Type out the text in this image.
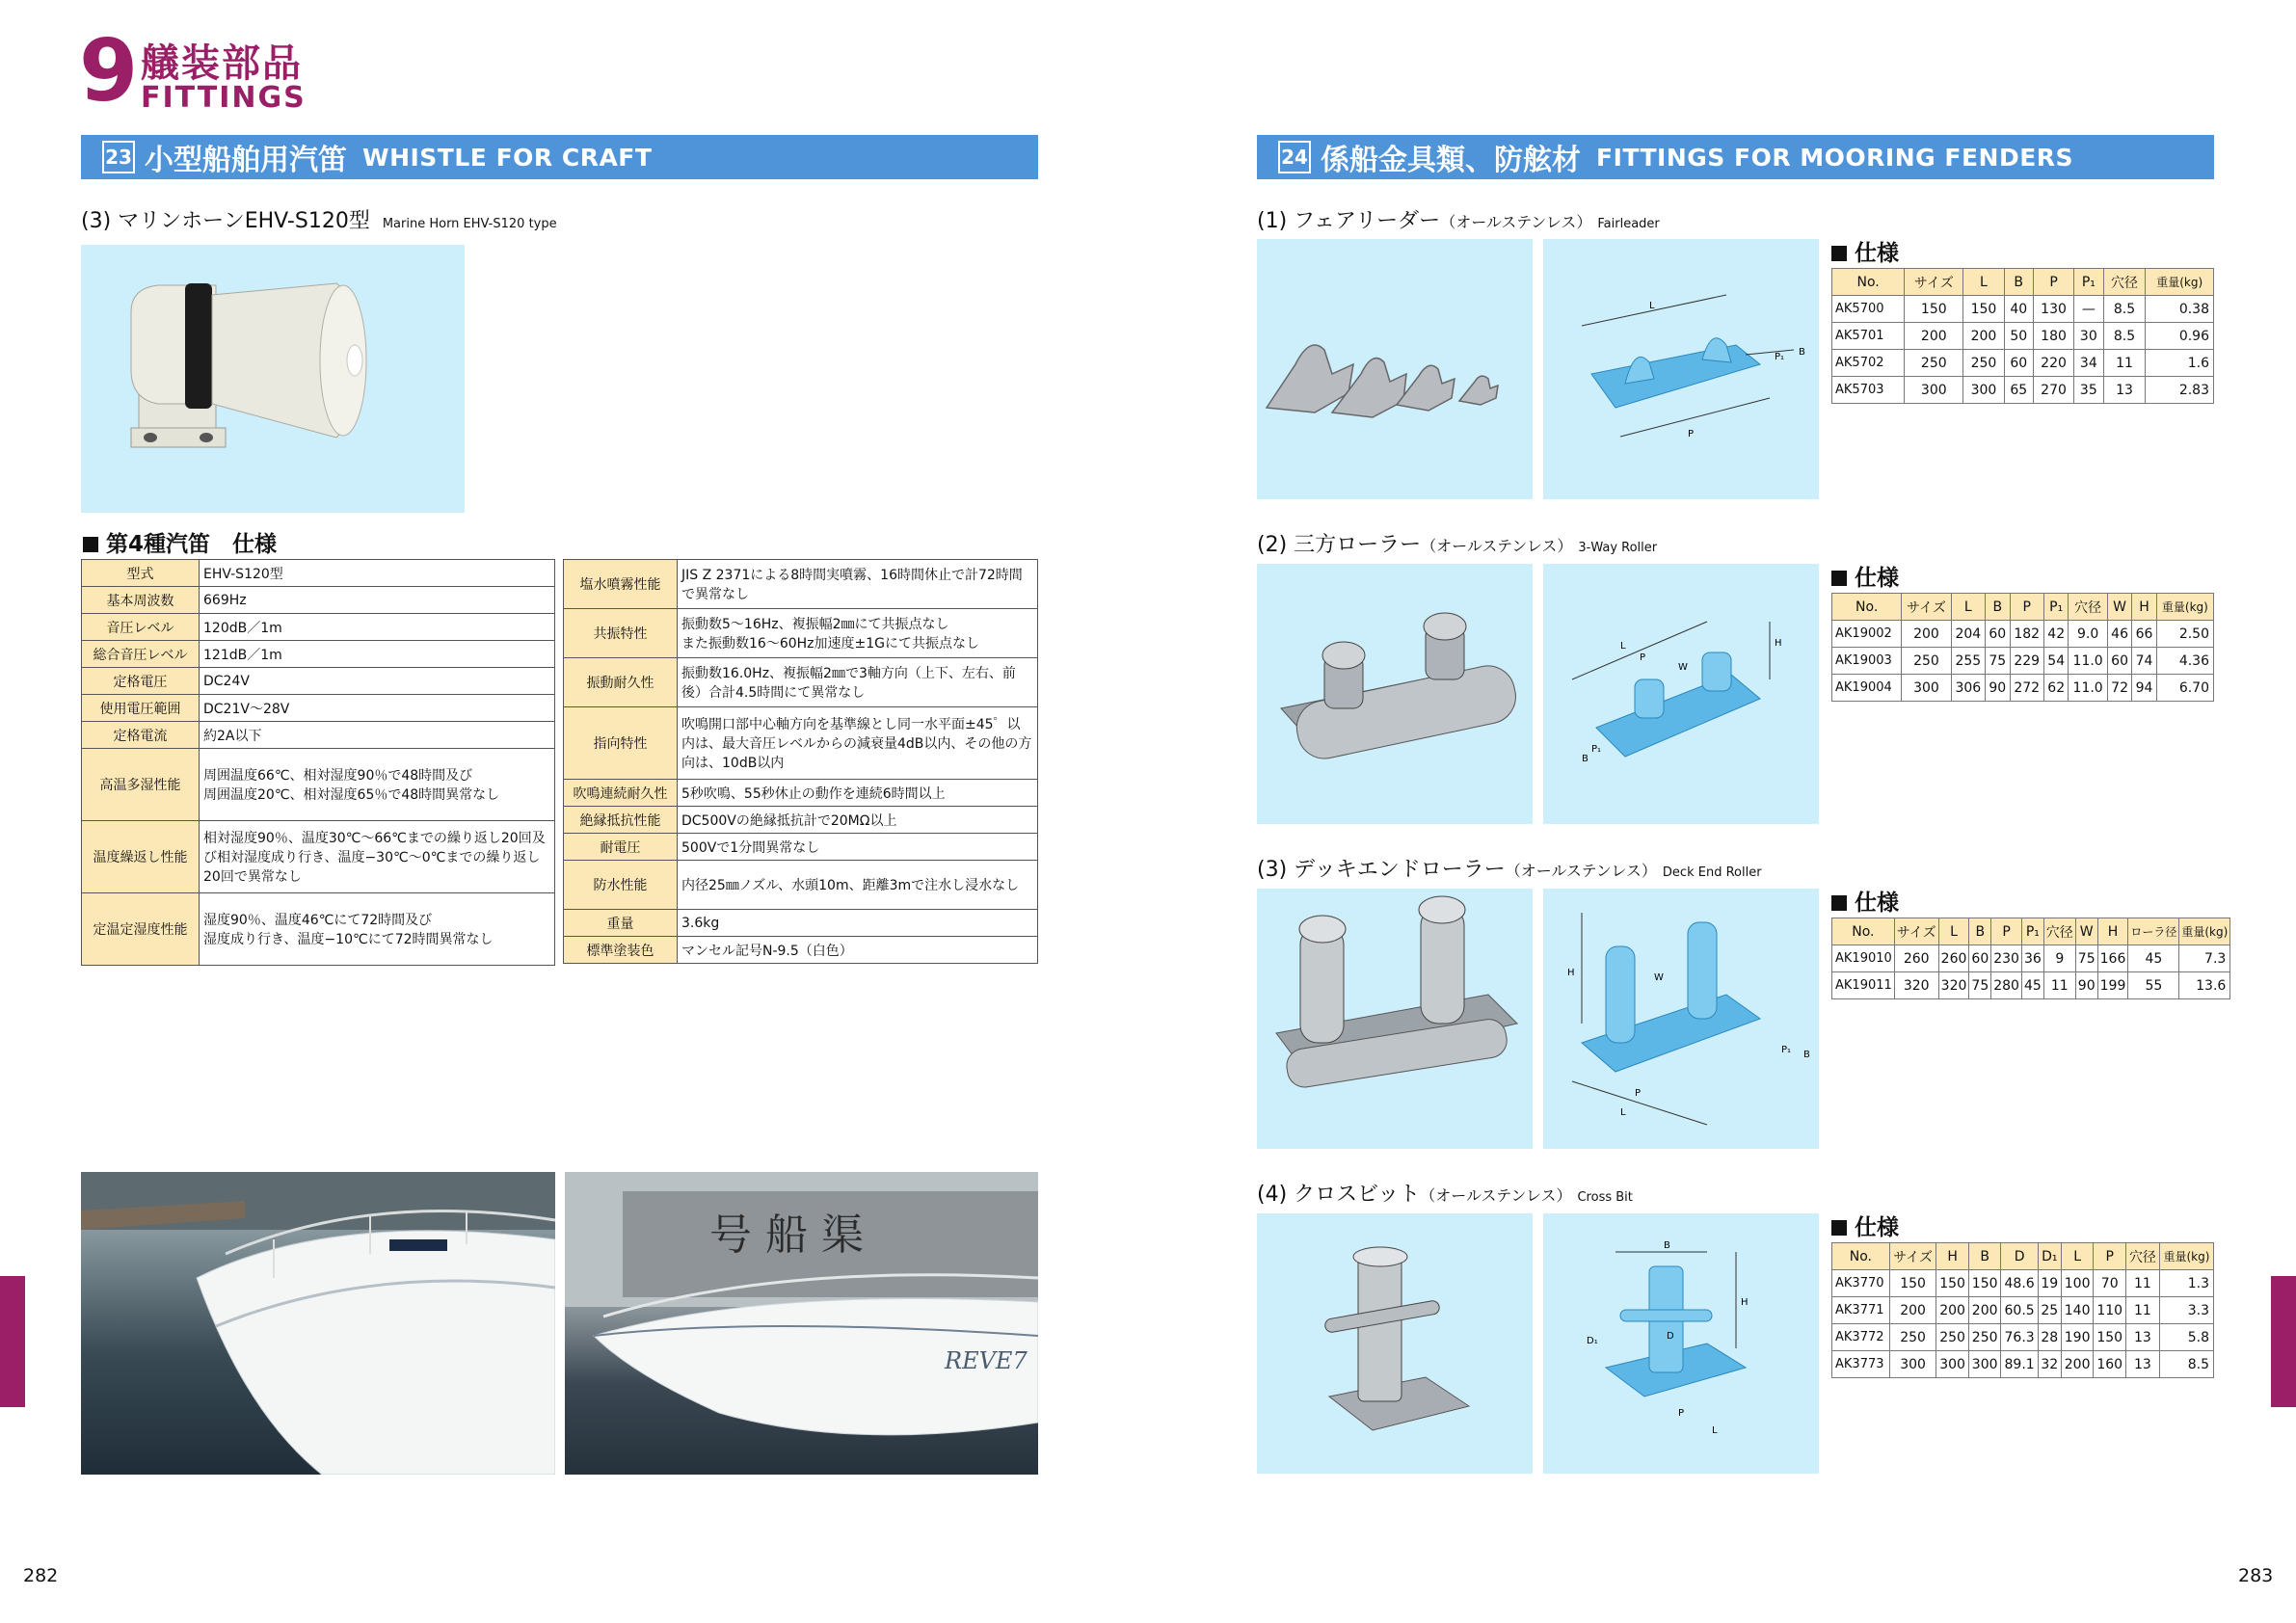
9 艤装部品
FITTINGS
23 小型船舶用汽笛 WHISTLE FOR CRAFT
(3) マリンホーンEHV-S120型 Marine Horn EHV-S120 type
第4種汽笛　仕様
型式	EHV-S120型
基本周波数	669Hz
音圧レベル	120dB／1m
総合音圧レベル	121dB／1m
定格電圧	DC24V
使用電圧範囲	DC21V〜28V
定格電流	約2A以下
高温多湿性能	周囲温度66℃、相対湿度90％で48時間及び
周囲温度20℃、相対湿度65％で48時間異常なし
温度繰返し性能	相対湿度90％、温度30℃〜66℃までの繰り返し20回及び相対湿度成り行き、温度−30℃〜0℃までの繰り返し20回で異常なし
定温定湿度性能	湿度90％、温度46℃にて72時間及び
湿度成り行き、温度−10℃にて72時間異常なし
塩水噴霧性能	JIS Z 2371による8時間実噴霧、16時間休止で計72時間で異常なし
共振特性	振動数5〜16Hz、複振幅2㎜にて共振点なし
また振動数16〜60Hz加速度±1Gにて共振点なし
振動耐久性	振動数16.0Hz、複振幅2㎜で3軸方向（上下、左右、前後）合計4.5時間にて異常なし
指向特性	吹鳴開口部中心軸方向を基準線とし同一水平面±45゜以内は、最大音圧レベルからの減衰量4dB以内、その他の方向は、10dB以内
吹鳴連続耐久性	5秒吹鳴、55秒休止の動作を連続6時間以上
絶縁抵抗性能	DC500Vの絶縁抵抗計で20MΩ以上
耐電圧	500Vで1分間異常なし
防水性能	内径25㎜ノズル、水頭10m、距離3mで注水し浸水なし
重量	3.6kg
標準塗装色	マンセル記号N-9.5（白色）
号 船 渠
REVE7
282
24 係船金具類、防舷材 FITTINGS FOR MOORING FENDERS
(1) フェアリーダー（オールステンレス） Fairleader
L
P
P₁ B
仕様
No.	サイズ	L	B	P	P₁	穴径	重量(kg)
AK5700	150	150	40	130	—	8.5	0.38
AK5701	200	200	50	180	30	8.5	0.96
AK5702	250	250	60	220	34	11	1.6
AK5703	300	300	65	270	35	13	2.83
(2) 三方ローラー（オールステンレス） 3-Way Roller
L
P
W
H
P₁
B
仕様
No.	サイズ	L	B	P	P₁	穴径	W	H	重量(kg)
AK19002	200	204	60	182	42	9.0	46	66	2.50
AK19003	250	255	75	229	54	11.0	60	74	4.36
AK19004	300	306	90	272	62	11.0	72	94	6.70
(3) デッキエンドローラー（オールステンレス） Deck End Roller
H	W
P
L
P₁ B
仕様
No.	サイズ	L	B	P	P₁	穴径	W	H	ローラ径	重量(kg)
AK19010	260	260	60	230	36	9	75	166	45	7.3
AK19011	320	320	75	280	45	11	90	199	55	13.6
(4) クロスビット（オールステンレス） Cross Bit
B
H
D
D₁
P
L
仕様
No.	サイズ	H	B	D	D₁	L	P	穴径	重量(kg)
AK3770	150	150	150	48.6	19	100	70	11	1.3
AK3771	200	200	200	60.5	25	140	110	11	3.3
AK3772	250	250	250	76.3	28	190	150	13	5.8
AK3773	300	300	300	89.1	32	200	160	13	8.5
283
